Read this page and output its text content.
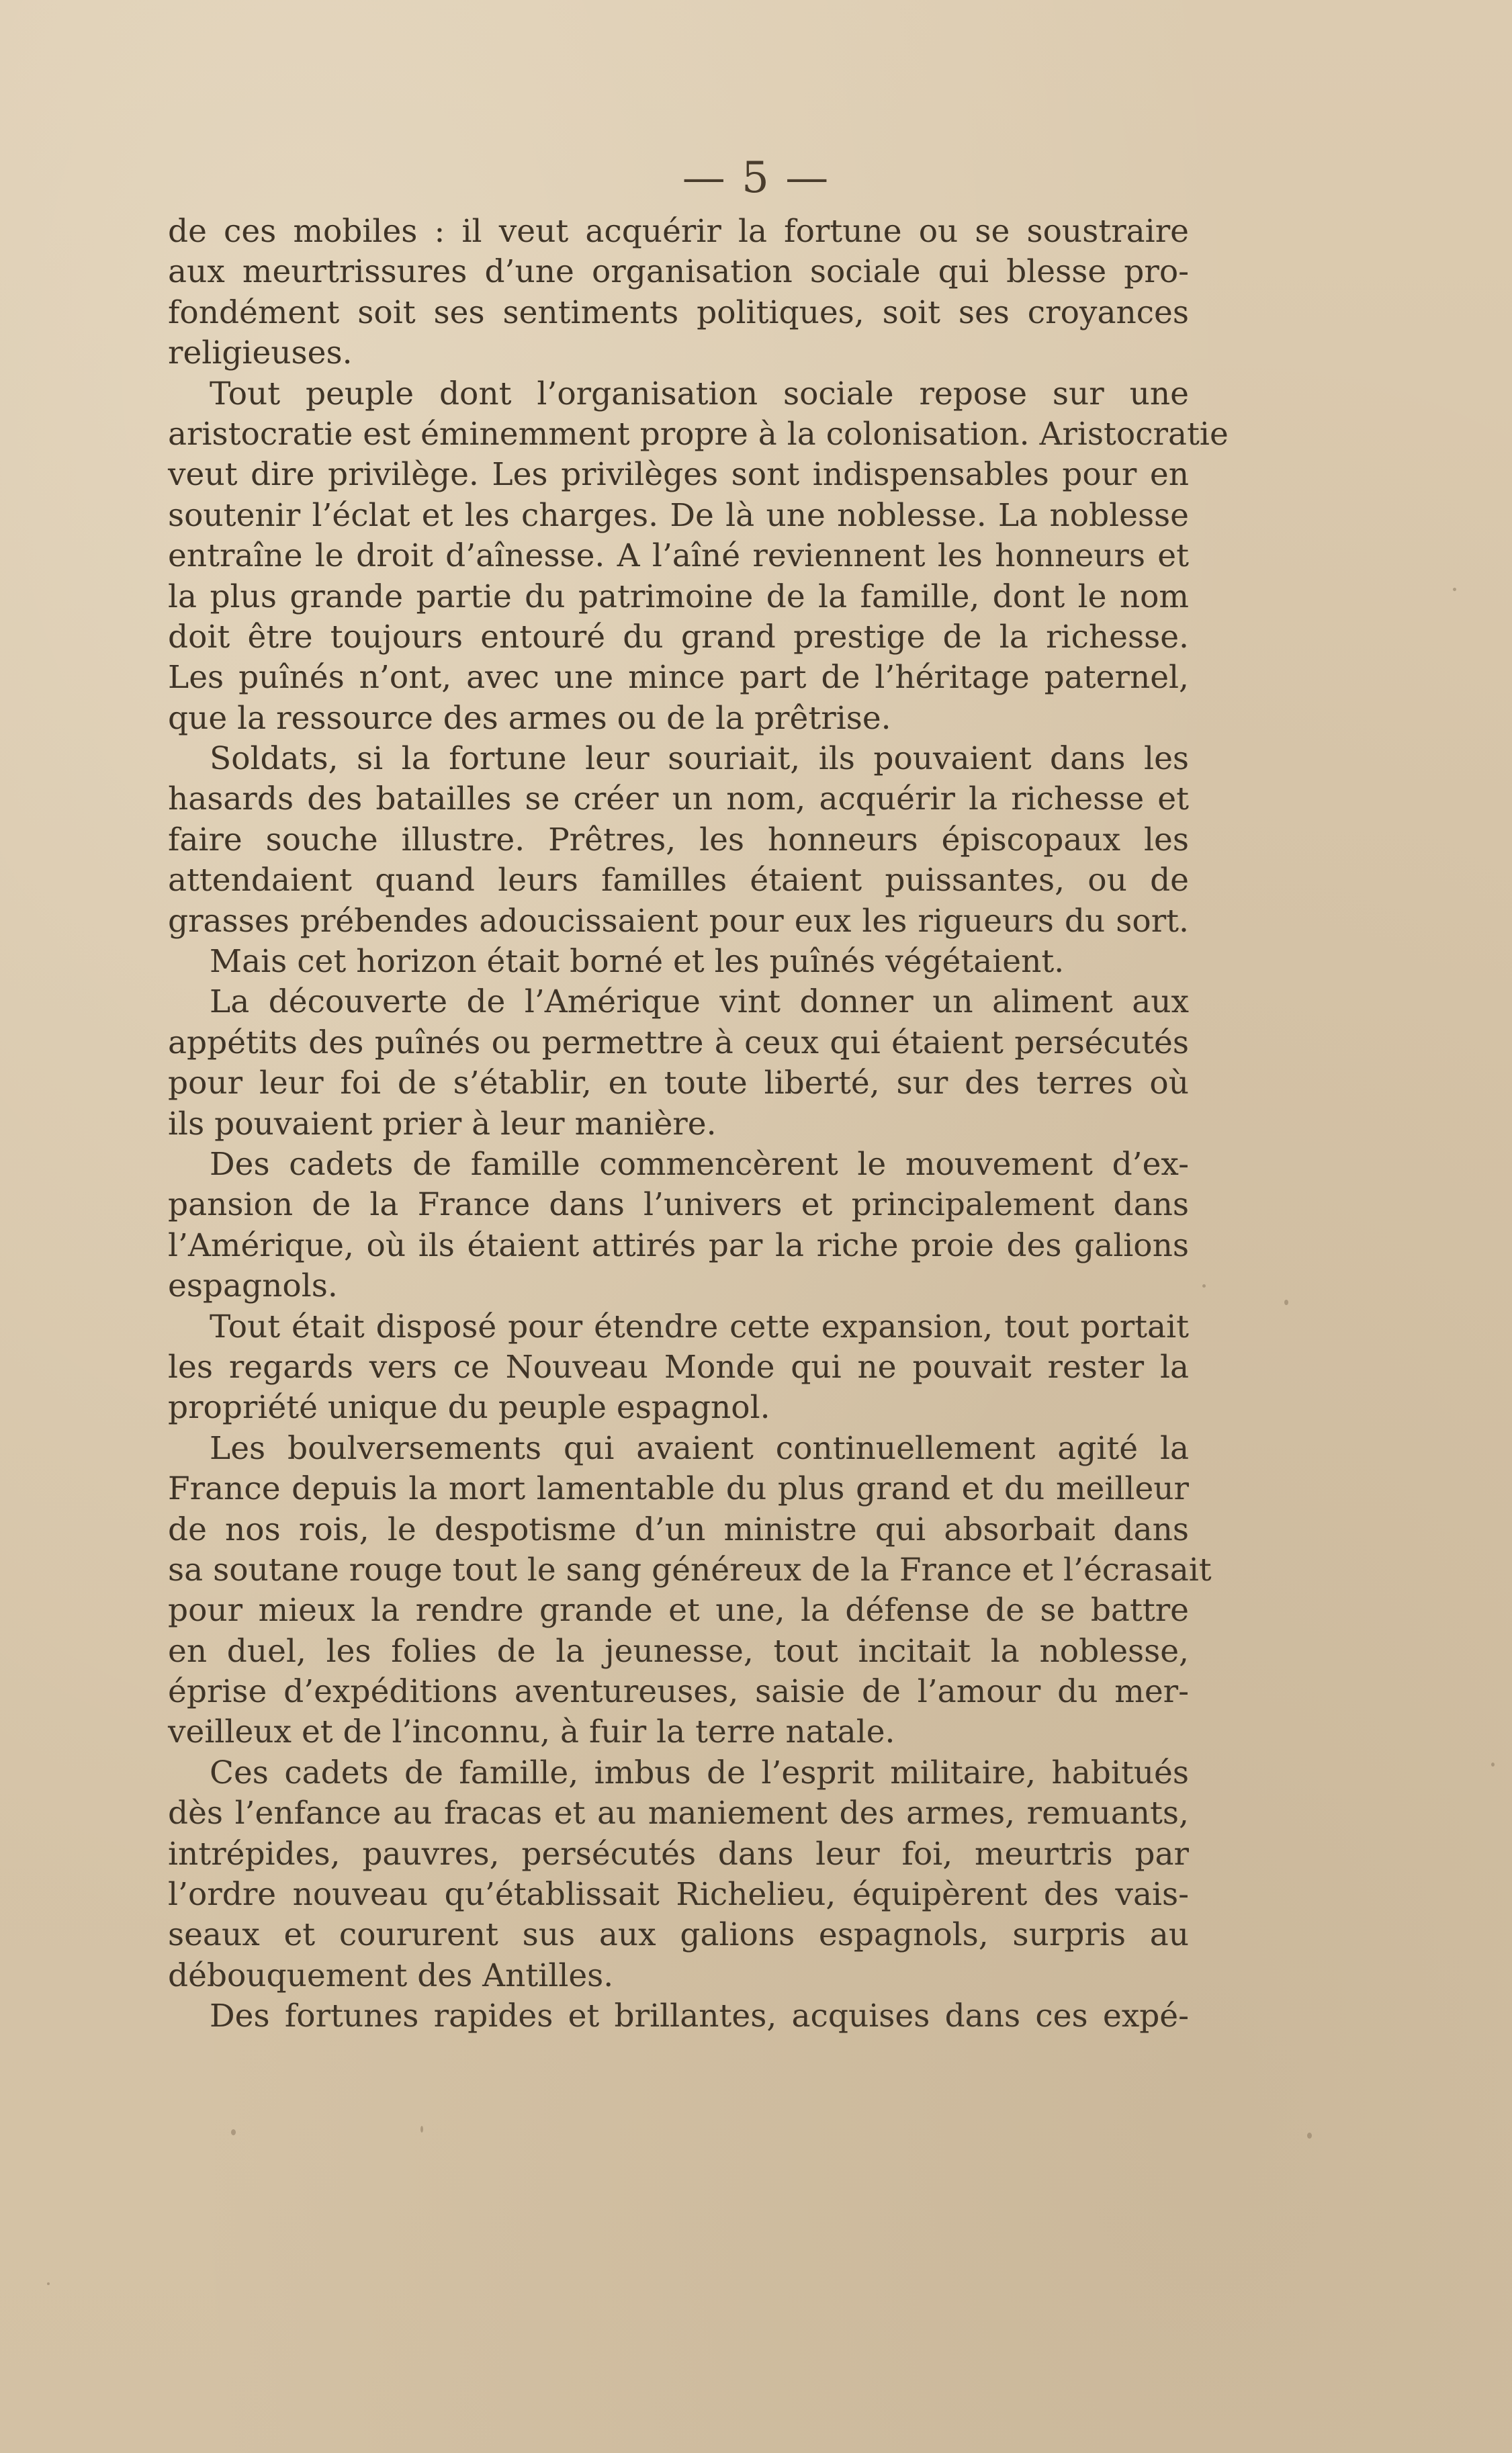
— 5 —
de ces mobiles : il veut acquérir la fortune ou se soustraire
aux meurtrissures d’une organisation sociale qui blesse pro-
fondément soit ses sentiments politiques, soit ses croyances
religieuses.
Tout peuple dont l’organisation sociale repose sur une
aristocratie est éminemment propre à la colonisation. Aristocratie
veut dire privilège. Les privilèges sont indispensables pour en
soutenir l’éclat et les charges. De là une noblesse. La noblesse
entraîne le droit d’aînesse. A l’aîné reviennent les honneurs et
la plus grande partie du patrimoine de la famille, dont le nom
doit être toujours entouré du grand prestige de la richesse.
Les puînés n’ont, avec une mince part de l’héritage paternel,
que la ressource des armes ou de la prêtrise.
Soldats, si la fortune leur souriait, ils pouvaient dans les
hasards des batailles se créer un nom, acquérir la richesse et
faire souche illustre. Prêtres, les honneurs épiscopaux les
attendaient quand leurs familles étaient puissantes, ou de
grasses prébendes adoucissaient pour eux les rigueurs du sort.
Mais cet horizon était borné et les puînés végétaient.
La découverte de l’Amérique vint donner un aliment aux
appétits des puînés ou permettre à ceux qui étaient persécutés
pour leur foi de s’établir, en toute liberté, sur des terres où
ils pouvaient prier à leur manière.
Des cadets de famille commencèrent le mouvement d’ex-
pansion de la France dans l’univers et principalement dans
l’Amérique, où ils étaient attirés par la riche proie des galions
espagnols.
Tout était disposé pour étendre cette expansion, tout portait
les regards vers ce Nouveau Monde qui ne pouvait rester la
propriété unique du peuple espagnol.
Les boulversements qui avaient continuellement agité la
France depuis la mort lamentable du plus grand et du meilleur
de nos rois, le despotisme d’un ministre qui absorbait dans
sa soutane rouge tout le sang généreux de la France et l’écrasait
pour mieux la rendre grande et une, la défense de se battre
en duel, les folies de la jeunesse, tout incitait la noblesse,
éprise d’expéditions aventureuses, saisie de l’amour du mer-
veilleux et de l’inconnu, à fuir la terre natale.
Ces cadets de famille, imbus de l’esprit militaire, habitués
dès l’enfance au fracas et au maniement des armes, remuants,
intrépides, pauvres, persécutés dans leur foi, meurtris par
l’ordre nouveau qu’établissait Richelieu, équipèrent des vais-
seaux et coururent sus aux galions espagnols, surpris au
débouquement des Antilles.
Des fortunes rapides et brillantes, acquises dans ces expé-
